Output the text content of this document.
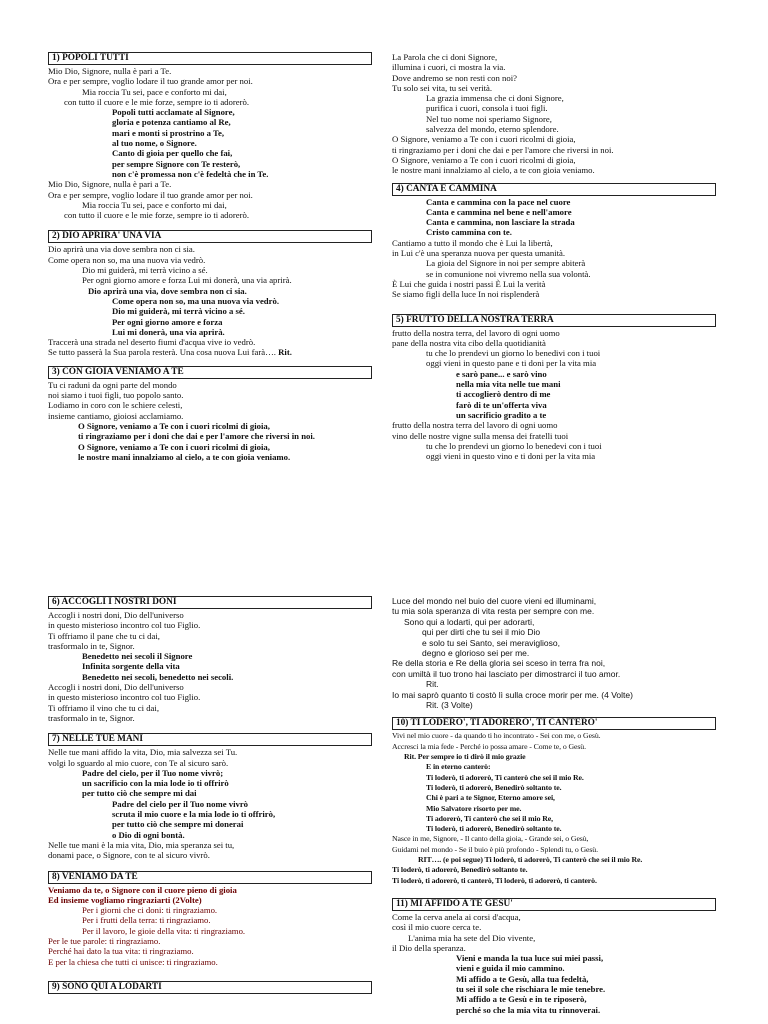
1) POPOLI TUTTI
Mio Dio, Signore, nulla è pari a Te.
Ora e per sempre, voglio lodare il tuo grande amor per noi.
Mia roccia Tu sei, pace e conforto mi dai,
con tutto il cuore e le mie forze, sempre io ti adorerò.
Popoli tutti acclamate al Signore,
gloria e potenza cantiamo al Re,
mari e monti si prostrino a Te,
al tuo nome, o Signore.
Canto di gioia per quello che fai,
per sempre Signore con Te resterò,
non c'è promessa non c'è fedeltà che in Te.
Mio Dio, Signore, nulla è pari a Te.
Ora e per sempre, voglio lodare il tuo grande amor per noi.
Mia roccia Tu sei, pace e conforto mi dai,
con tutto il cuore e le mie forze, sempre io ti adorerò.
2) DIO APRIRA' UNA VIA
Dio aprirà una via dove sembra non ci sia.
Come opera non so, ma una nuova via vedrò.
Dio mi guiderà, mi terrà vicino a sé.
Per ogni giorno amore e forza Lui mi donerà, una via aprirà.
Dio aprirà una via, dove sembra non ci sia.
Come opera non so, ma una nuova via vedrò.
Dio mi guiderà, mi terrà vicino a sé.
Per ogni giorno amore e forza
Lui mi donerà, una via aprirà.
Traccerà una strada nel deserto fiumi d'acqua vive io vedrò.
Se tutto passerà la Sua parola resterà. Una cosa nuova Lui farà…. Rit.
3) CON GIOIA VENIAMO A TE
Tu ci raduni da ogni parte del mondo
noi siamo i tuoi figli, tuo popolo santo.
Lodiamo in coro con le schiere celesti,
insieme cantiamo, gioiosi acclamiamo.
O Signore, veniamo a Te con i cuori ricolmi di gioia,
ti ringraziamo per i doni che dai e per l'amore che riversi in noi.
O Signore, veniamo a Te con i cuori ricolmi di gioia,
le nostre mani innalziamo al cielo, a te con gioia veniamo.
La Parola che ci doni Signore,
illumina i cuori, ci mostra la via.
Dove andremo se non resti con noi?
Tu solo sei vita, tu sei verità.
La grazia immensa che ci doni Signore,
purifica i cuori, consola i tuoi figli.
Nel tuo nome noi speriamo Signore,
salvezza del mondo, eterno splendore.
O Signore, veniamo a Te con i cuori ricolmi di gioia,
ti ringraziamo per i doni che dai e per l'amore che riversi in noi.
O Signore, veniamo a Te con i cuori ricolmi di gioia,
le nostre mani innalziamo al cielo, a te con gioia veniamo.
4) CANTA E CAMMINA
Canta e cammina con la pace nel cuore
Canta e cammina nel bene e nell'amore
Canta e cammina, non lasciare la strada
Cristo cammina con te.
Cantiamo a tutto il mondo che è Lui la libertà,
in Lui c'è una speranza nuova per questa umanità.
La gioia del Signore in noi per sempre abiterà
se in comunione noi vivremo nella sua volontà.
È Lui che guida i nostri passi È Lui la verità
Se siamo figli della luce In noi risplenderà
5) FRUTTO DELLA NOSTRA TERRA
frutto della nostra terra, del lavoro di ogni uomo
pane della nostra vita cibo della quotidianità
tu che lo prendevi un giorno lo benedivi con i tuoi
oggi vieni in questo pane e ti doni per la vita mia
e sarò pane... e sarò vino
nella mia vita nelle tue mani
ti accoglierò dentro di me
farò di te un'offerta viva
un sacrificio gradito a te
frutto della nostra terra del lavoro di ogni uomo
vino delle nostre vigne sulla mensa dei fratelli tuoi
tu che lo prendevi un giorno lo benedevi con i tuoi
oggi vieni in questo vino e ti doni per la vita mia
6) ACCOGLI I NOSTRI DONI
Accogli i nostri doni, Dio dell'universo
in questo misterioso incontro col tuo Figlio.
Ti offriamo il pane che tu ci dai,
trasformalo in te, Signor.
Benedetto nei secoli il Signore
Infinita sorgente della vita
Benedetto nei secoli, benedetto nei secoli.
Accogli i nostri doni, Dio dell'universo
in questo misterioso incontro col tuo Figlio.
Ti offriamo il vino che tu ci dai,
trasformalo in te, Signor.
7) NELLE TUE MANI
Nelle tue mani affido la vita, Dio, mia salvezza sei Tu.
volgi lo sguardo al mio cuore, con Te al sicuro sarò.
Padre del cielo, per il Tuo nome vivrò;
un sacrificio con la mia lode io ti offrirò
per tutto ciò che sempre mi dai
Padre del cielo per il Tuo nome vivrò
scruta il mio cuore e la mia lode io ti offrirò,
per tutto ciò che sempre mi donerai
o Dio di ogni bontà.
Nelle tue mani è la mia vita, Dio, mia speranza sei tu,
donami pace, o Signore, con te al sicuro vivrò.
8) VENIAMO DA TE
Veniamo da te, o Signore con il cuore pieno di gioia
Ed insieme vogliamo ringraziarti (2Volte)
Per i giorni che ci doni: ti ringraziamo.
Per i frutti della terra: ti ringraziamo.
Per il lavoro, le gioie della vita: ti ringraziamo.
Per le tue parole: ti ringraziamo.
Perché hai dato la tua vita: ti ringraziamo.
E per la chiesa che tutti ci unisce: ti ringraziamo.
9) SONO QUI A LODARTI
Luce del mondo nel buio del cuore vieni ed illuminami,
tu mia sola speranza di vita resta per sempre con me.
Sono qui a lodarti, qui per adorarti,
qui per dirti che tu sei il mio Dio
e solo tu sei Santo, sei meraviglioso,
degno e glorioso sei per me.
Re della storia e Re della gloria sei sceso in terra fra noi,
con umiltà il tuo trono hai lasciato per dimostrarci il tuo amor.
Rit.
Io mai saprò quanto ti costò lì sulla croce morir per me. (4 Volte)
Rit. (3 Volte)
10) TI LODERO', TI ADORERO', TI CANTERO'
Vivi nel mio cuore - da quando ti ho incontrato - Sei con me, o Gesù.
Accresci la mia fede - Perché io possa amare - Come te, o Gesù.
Rit. Per sempre io ti dirò il mio grazie
E in eterno canterò:
Ti loderò, ti adorerò, Ti canterò che sei il mio Re.
Ti loderò, ti adorerò, Benedirò soltanto te.
Chi è pari a te Signor, Eterno amore sei,
Mio Salvatore risorto per me.
Ti adorerò, Ti canterò che sei il mio Re,
Ti loderò, ti adorerò, Benedirò soltanto te.
Nasce in me, Signore, - Il canto della gioia, - Grande sei, o Gesù,
Guidami nel mondo - Se il buio è più profondo - Splendi tu, o Gesù.
RIT…. (e poi segue) Ti loderò, ti adorerò, Ti canterò che sei il mio Re.
Ti loderò, ti adorerò, Benedirò soltanto te.
Ti loderò, ti adorerò, ti canterò, Ti loderò, ti adorerò, ti canterò.
11) MI AFFIDO A TE GESU'
Come la cerva anela ai corsi d'acqua,
così il mio cuore cerca te.
L'anima mia ha sete del Dio vivente,
il Dio della speranza.
Vieni e manda la tua luce sui miei passi,
vieni e guida il mio cammino.
Mi affido a te Gesù, alla tua fedeltà,
tu sei il sole che rischiara le mie tenebre.
Mi affido a te Gesù e in te riposerò,
perché so che la mia vita tu rinnoverai.
